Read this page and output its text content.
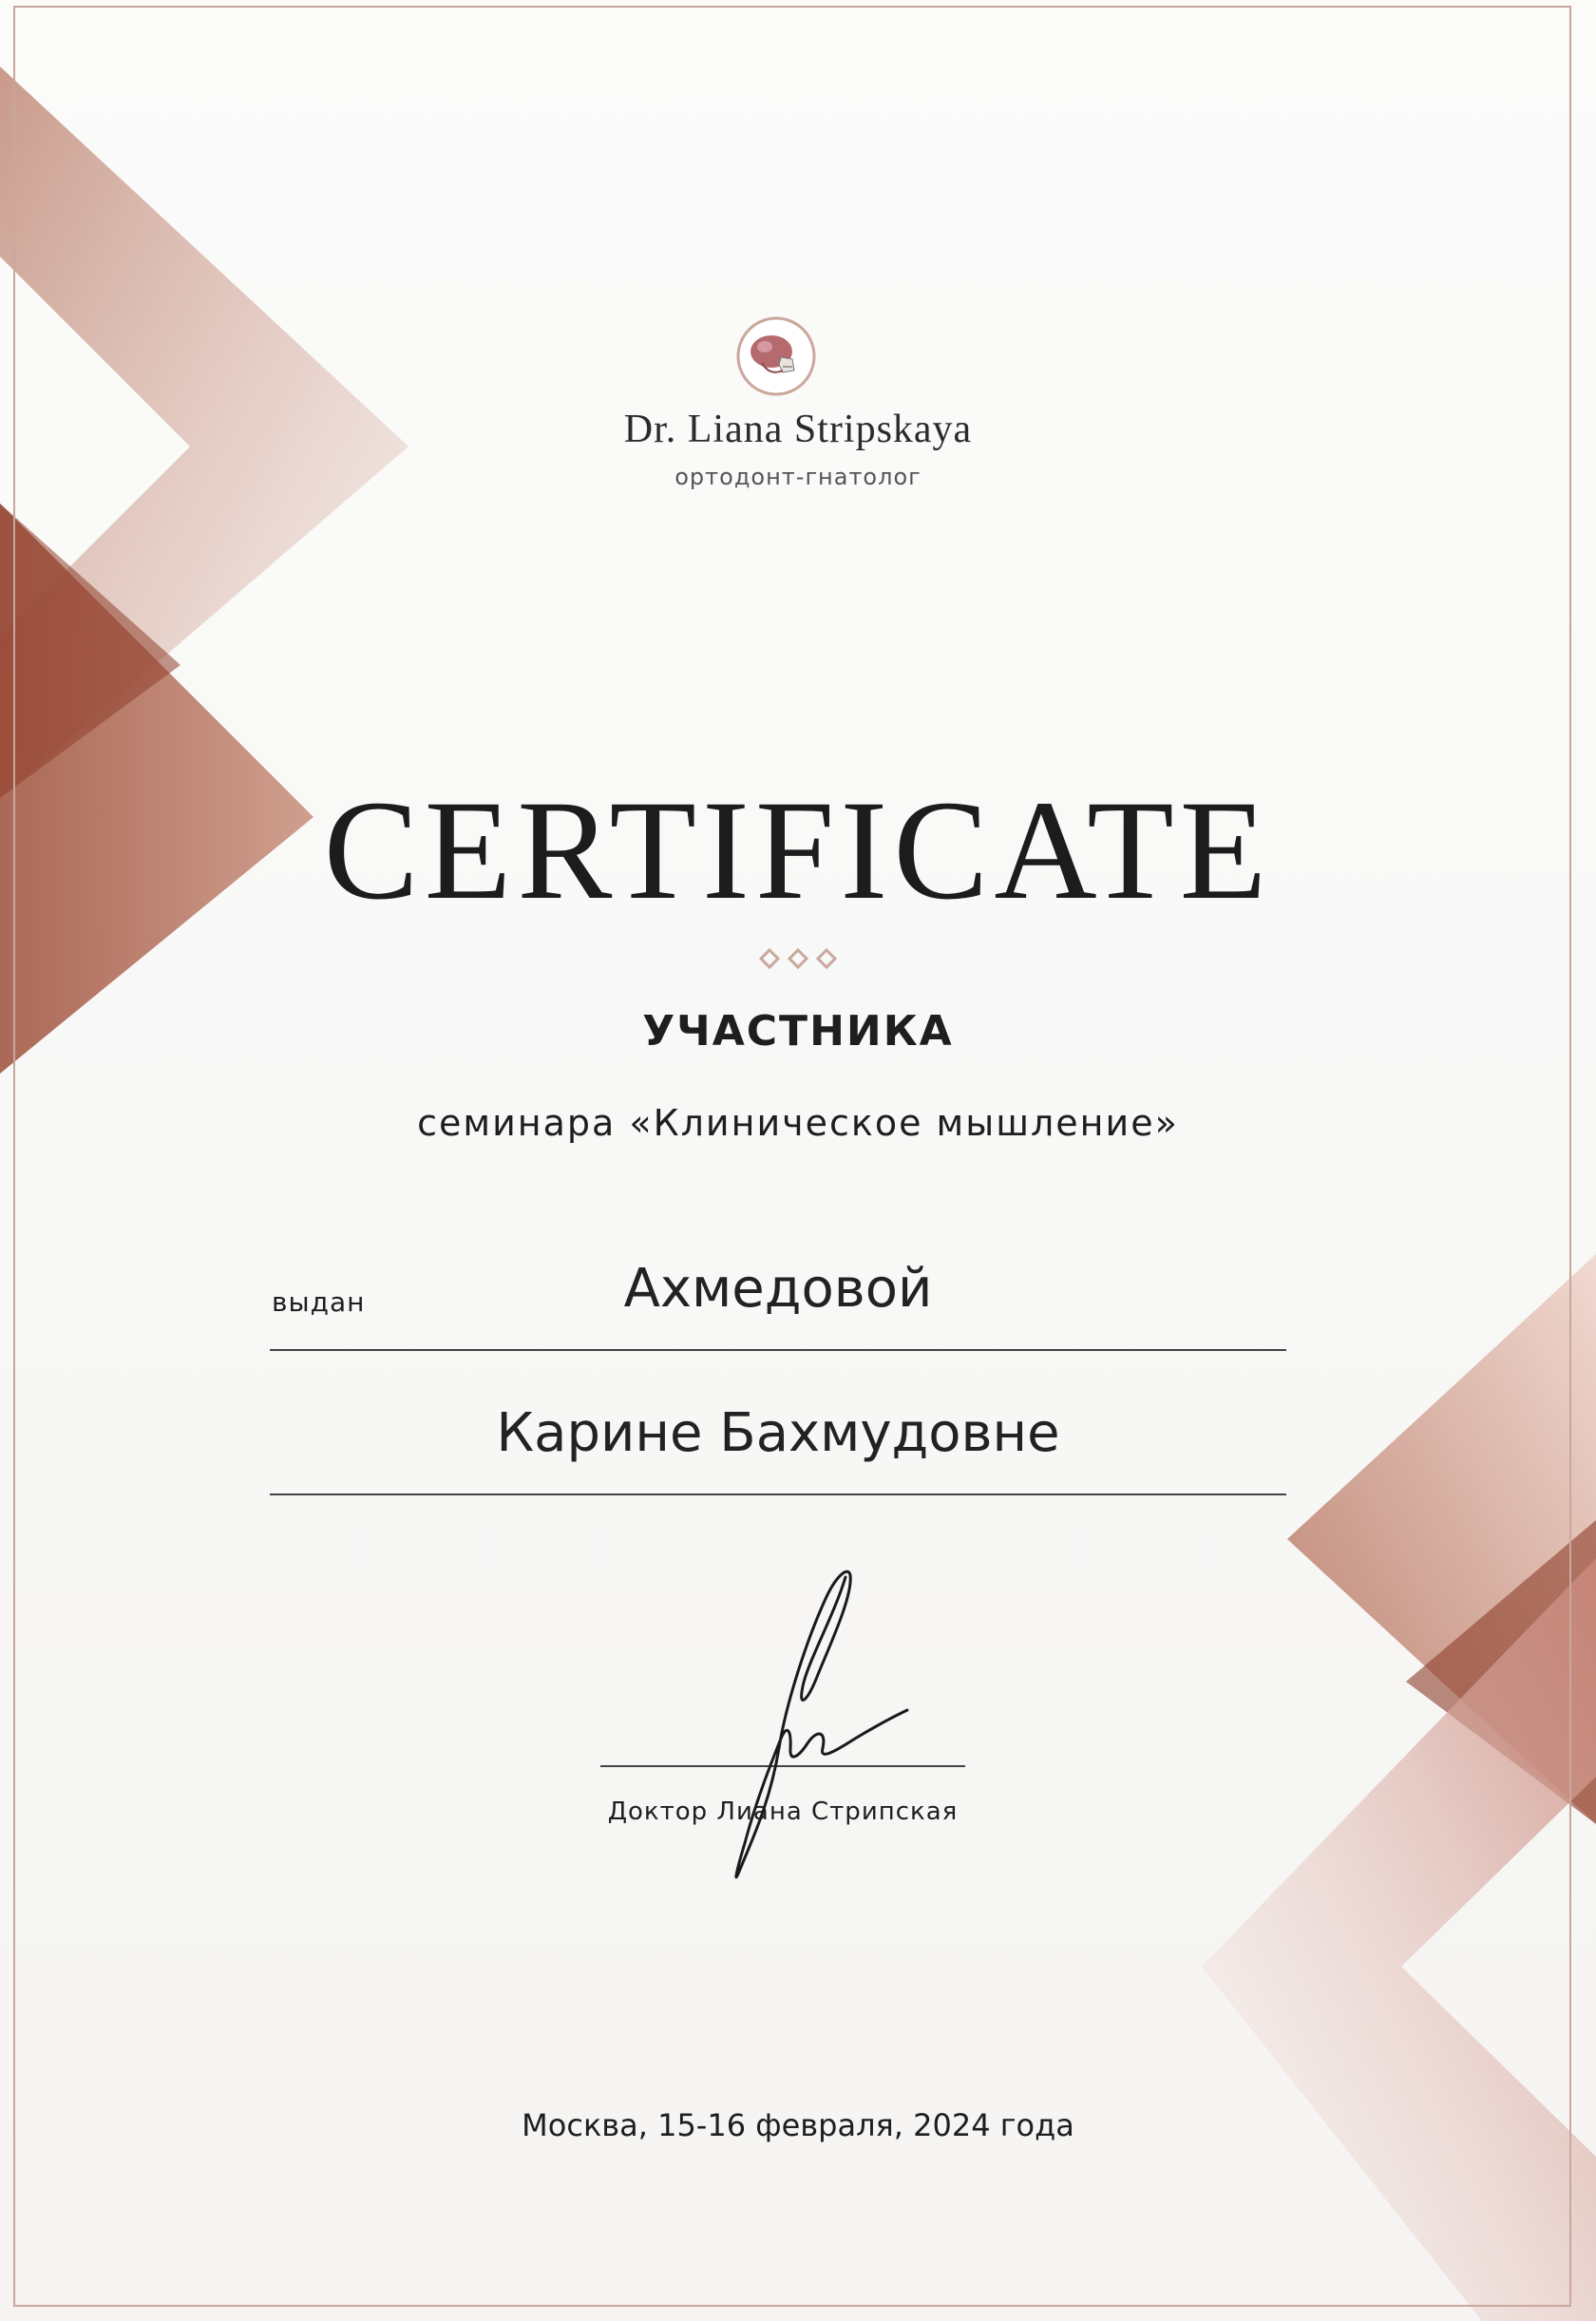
Dr. Liana Stripskaya
ортодонт-гнатолог
CERTIFICATE
УЧАСТНИКА
семинара «Клиническое мышление»
выдан	Ахмедовой
Карине Бахмудовне
Доктор Лиана Стрипская
Москва, 15-16 февраля, 2024 года
